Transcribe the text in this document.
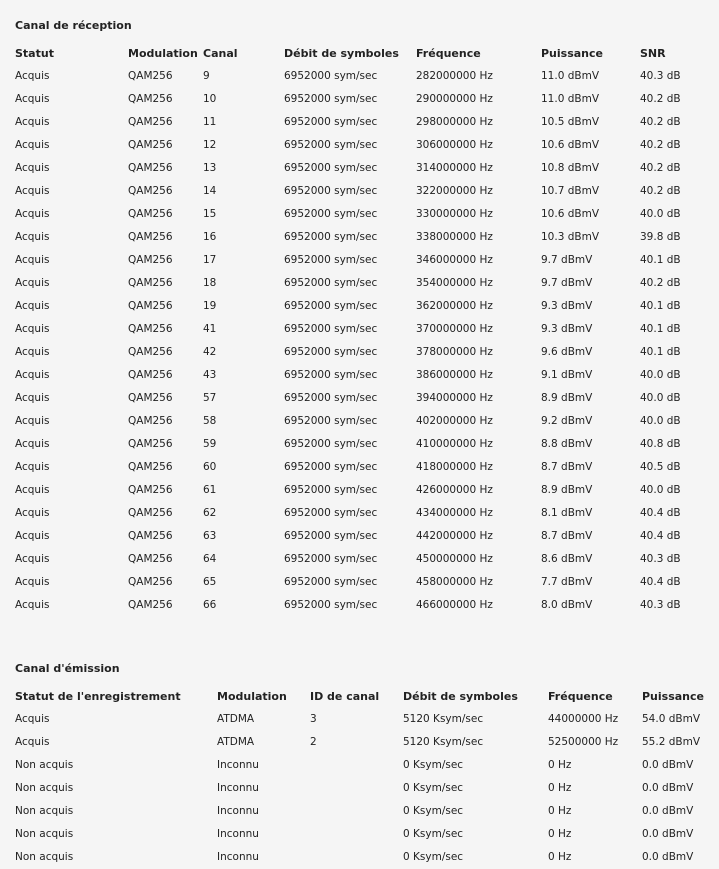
Canal de réception
Statut	Modulation	Canal	Débit de symboles	Fréquence	Puissance	SNR
Acquis	QAM256	9	6952000 sym/sec	282000000 Hz	11.0 dBmV	40.3 dB
Acquis	QAM256	10	6952000 sym/sec	290000000 Hz	11.0 dBmV	40.2 dB
Acquis	QAM256	11	6952000 sym/sec	298000000 Hz	10.5 dBmV	40.2 dB
Acquis	QAM256	12	6952000 sym/sec	306000000 Hz	10.6 dBmV	40.2 dB
Acquis	QAM256	13	6952000 sym/sec	314000000 Hz	10.8 dBmV	40.2 dB
Acquis	QAM256	14	6952000 sym/sec	322000000 Hz	10.7 dBmV	40.2 dB
Acquis	QAM256	15	6952000 sym/sec	330000000 Hz	10.6 dBmV	40.0 dB
Acquis	QAM256	16	6952000 sym/sec	338000000 Hz	10.3 dBmV	39.8 dB
Acquis	QAM256	17	6952000 sym/sec	346000000 Hz	9.7 dBmV	40.1 dB
Acquis	QAM256	18	6952000 sym/sec	354000000 Hz	9.7 dBmV	40.2 dB
Acquis	QAM256	19	6952000 sym/sec	362000000 Hz	9.3 dBmV	40.1 dB
Acquis	QAM256	41	6952000 sym/sec	370000000 Hz	9.3 dBmV	40.1 dB
Acquis	QAM256	42	6952000 sym/sec	378000000 Hz	9.6 dBmV	40.1 dB
Acquis	QAM256	43	6952000 sym/sec	386000000 Hz	9.1 dBmV	40.0 dB
Acquis	QAM256	57	6952000 sym/sec	394000000 Hz	8.9 dBmV	40.0 dB
Acquis	QAM256	58	6952000 sym/sec	402000000 Hz	9.2 dBmV	40.0 dB
Acquis	QAM256	59	6952000 sym/sec	410000000 Hz	8.8 dBmV	40.8 dB
Acquis	QAM256	60	6952000 sym/sec	418000000 Hz	8.7 dBmV	40.5 dB
Acquis	QAM256	61	6952000 sym/sec	426000000 Hz	8.9 dBmV	40.0 dB
Acquis	QAM256	62	6952000 sym/sec	434000000 Hz	8.1 dBmV	40.4 dB
Acquis	QAM256	63	6952000 sym/sec	442000000 Hz	8.7 dBmV	40.4 dB
Acquis	QAM256	64	6952000 sym/sec	450000000 Hz	8.6 dBmV	40.3 dB
Acquis	QAM256	65	6952000 sym/sec	458000000 Hz	7.7 dBmV	40.4 dB
Acquis	QAM256	66	6952000 sym/sec	466000000 Hz	8.0 dBmV	40.3 dB
Canal d'émission
Statut de l'enregistrement	Modulation	ID de canal	Débit de symboles	Fréquence	Puissance
Acquis	ATDMA	3	5120 Ksym/sec	44000000 Hz	54.0 dBmV
Acquis	ATDMA	2	5120 Ksym/sec	52500000 Hz	55.2 dBmV
Non acquis	Inconnu		0 Ksym/sec	0 Hz	0.0 dBmV
Non acquis	Inconnu		0 Ksym/sec	0 Hz	0.0 dBmV
Non acquis	Inconnu		0 Ksym/sec	0 Hz	0.0 dBmV
Non acquis	Inconnu		0 Ksym/sec	0 Hz	0.0 dBmV
Non acquis	Inconnu		0 Ksym/sec	0 Hz	0.0 dBmV
